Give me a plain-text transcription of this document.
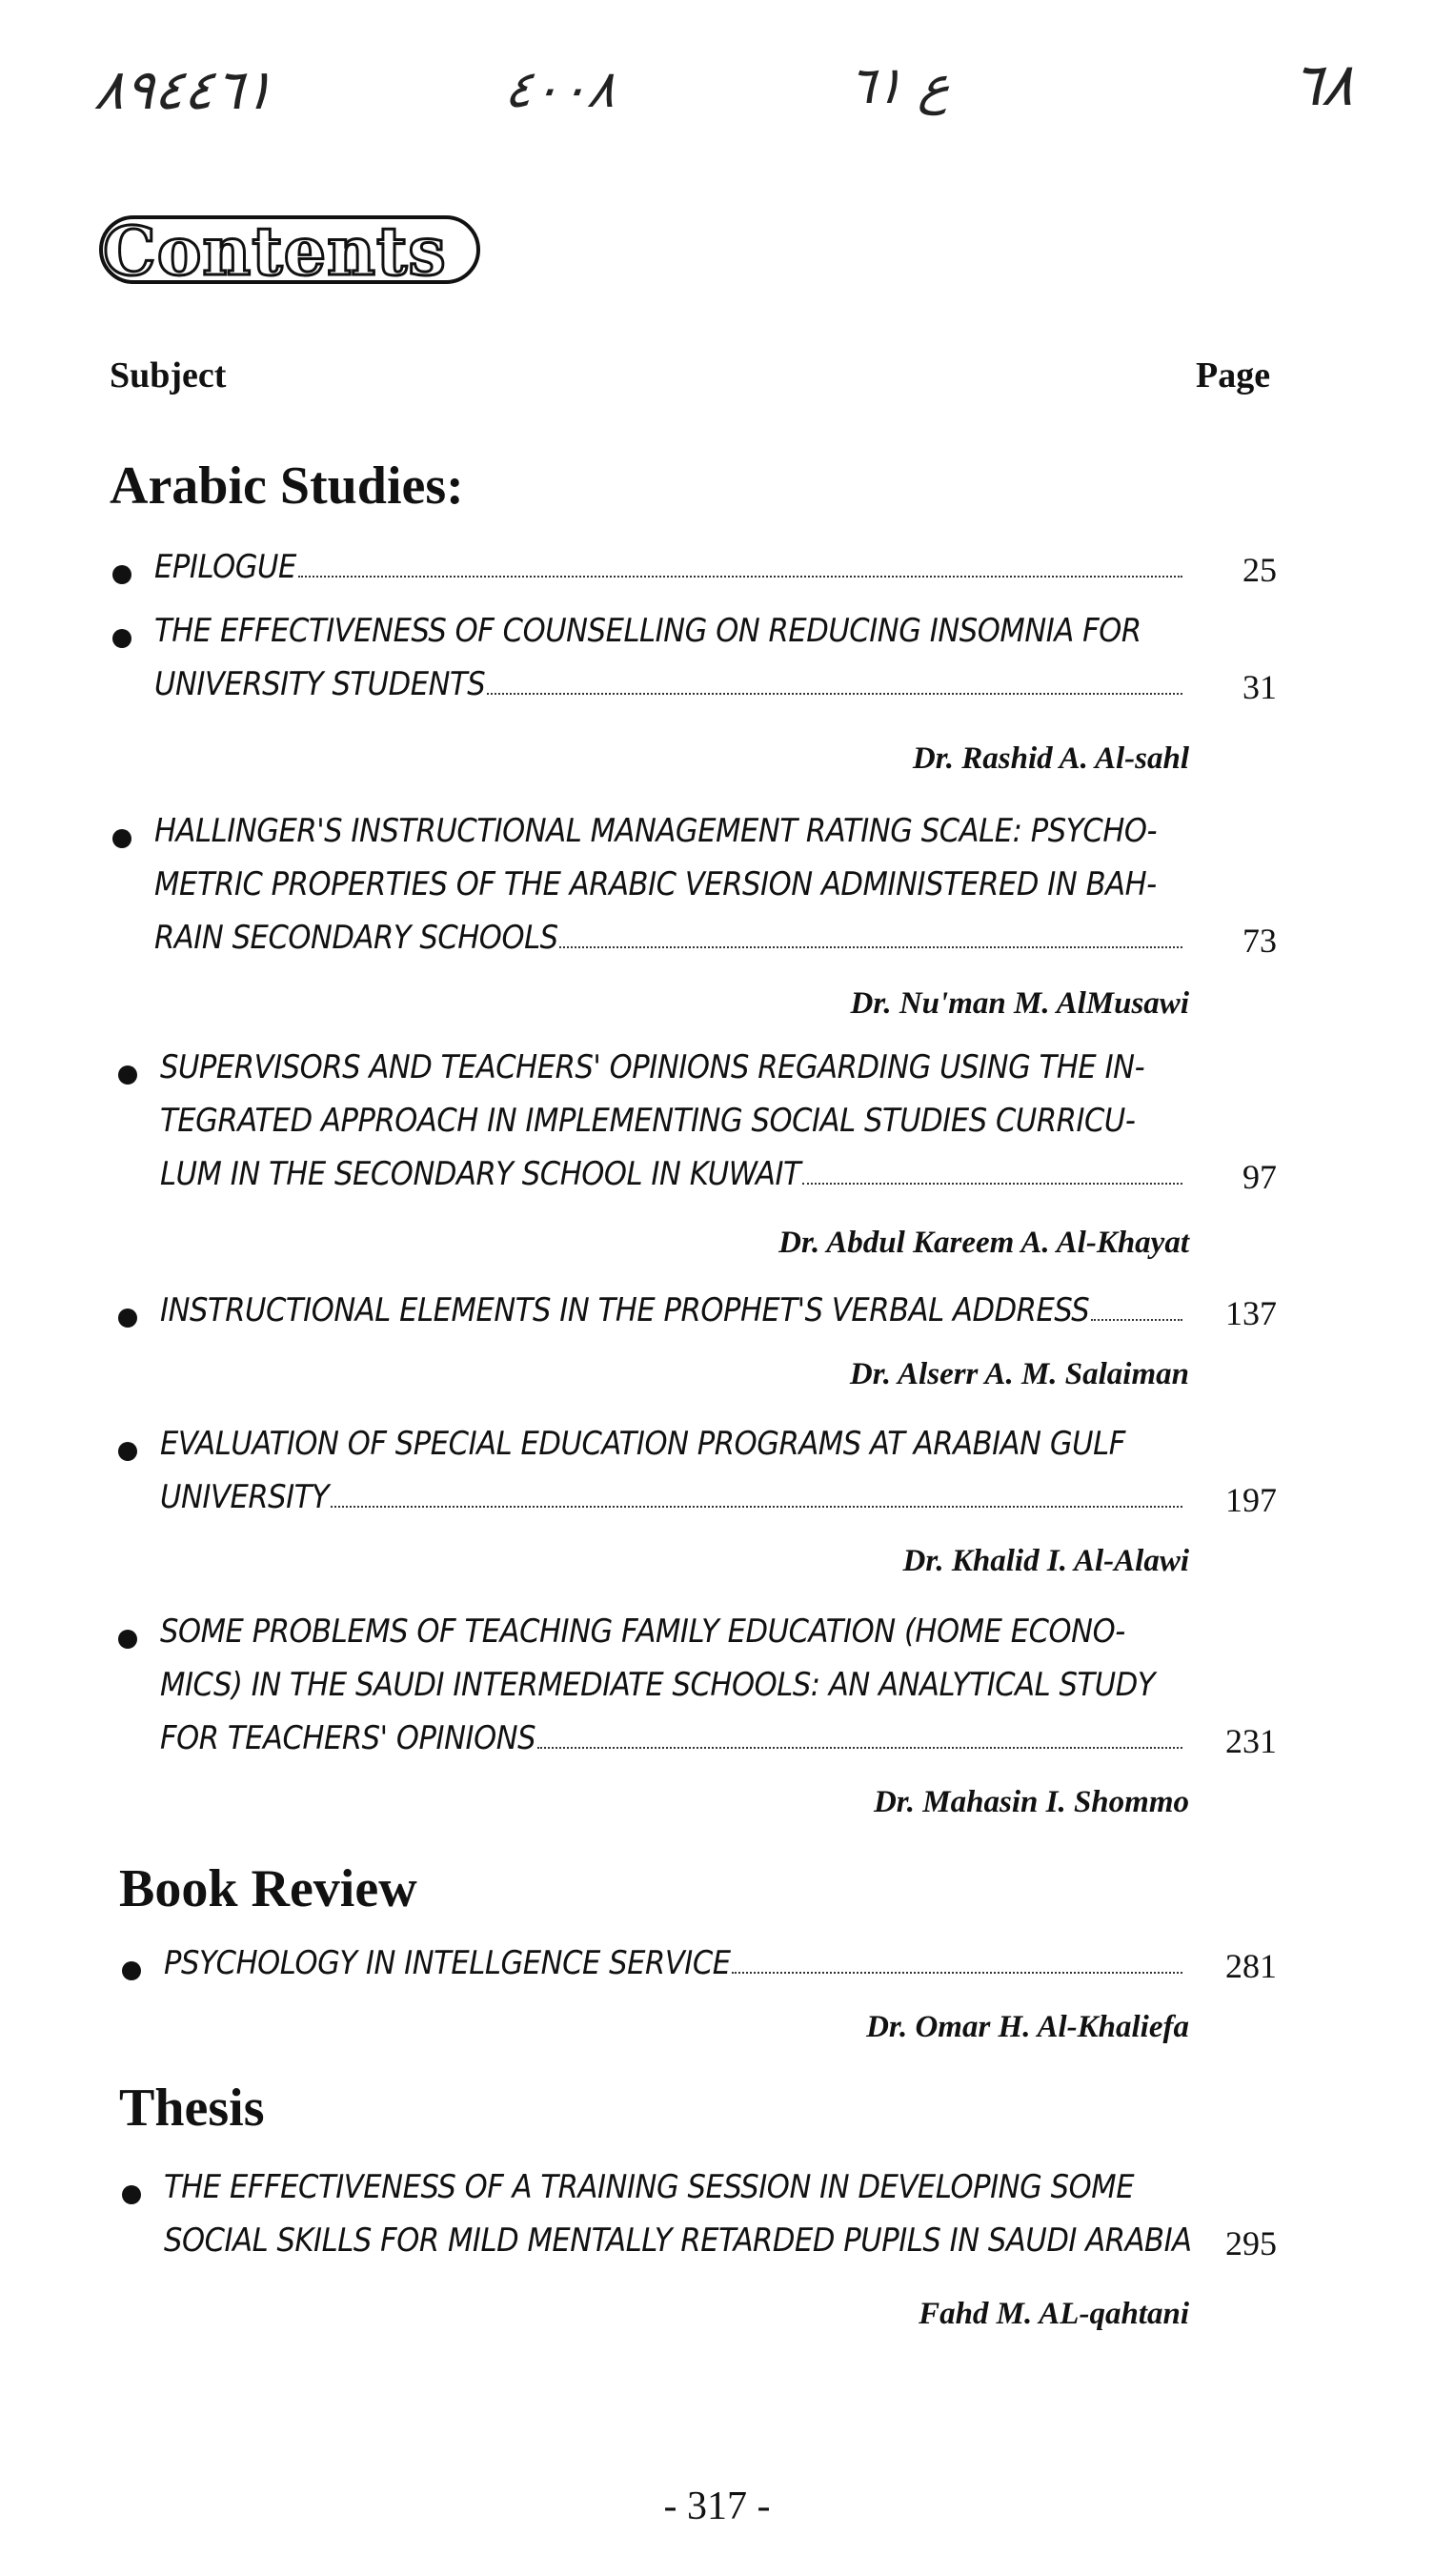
٨٩٤٤٦١	٤٠٠٨	ع ٦١	٦٨
Contents
Subject	Page
Arabic Studies:
EPILOGUE	25
THE EFFECTIVENESS OF COUNSELLING ON REDUCING INSOMNIA FOR
UNIVERSITY STUDENTS	31
Dr. Rashid A. Al-sahl
HALLINGER'S INSTRUCTIONAL MANAGEMENT RATING SCALE: PSYCHO-
METRIC PROPERTIES OF THE ARABIC VERSION ADMINISTERED IN BAH-
RAIN SECONDARY SCHOOLS	73
Dr. Nu'man M. AlMusawi
SUPERVISORS AND TEACHERS' OPINIONS REGARDING USING THE IN-
TEGRATED APPROACH IN IMPLEMENTING SOCIAL STUDIES CURRICU-
LUM IN THE SECONDARY SCHOOL IN KUWAIT	97
Dr. Abdul Kareem A. Al-Khayat
INSTRUCTIONAL ELEMENTS IN THE PROPHET'S VERBAL ADDRESS	137
Dr. Alserr A. M. Salaiman
EVALUATION OF SPECIAL EDUCATION PROGRAMS AT ARABIAN GULF
UNIVERSITY	197
Dr. Khalid I. Al-Alawi
SOME PROBLEMS OF TEACHING FAMILY EDUCATION (HOME ECONO-
MICS) IN THE SAUDI INTERMEDIATE SCHOOLS: AN ANALYTICAL STUDY
FOR TEACHERS' OPINIONS	231
Dr. Mahasin I. Shommo
Book Review
PSYCHOLOGY IN INTELLGENCE SERVICE	281
Dr. Omar H. Al-Khaliefa
Thesis
THE EFFECTIVENESS OF A TRAINING SESSION IN DEVELOPING SOME
SOCIAL SKILLS FOR MILD MENTALLY RETARDED PUPILS IN SAUDI ARABIA 295
Fahd M. AL-qahtani
- 317 -
